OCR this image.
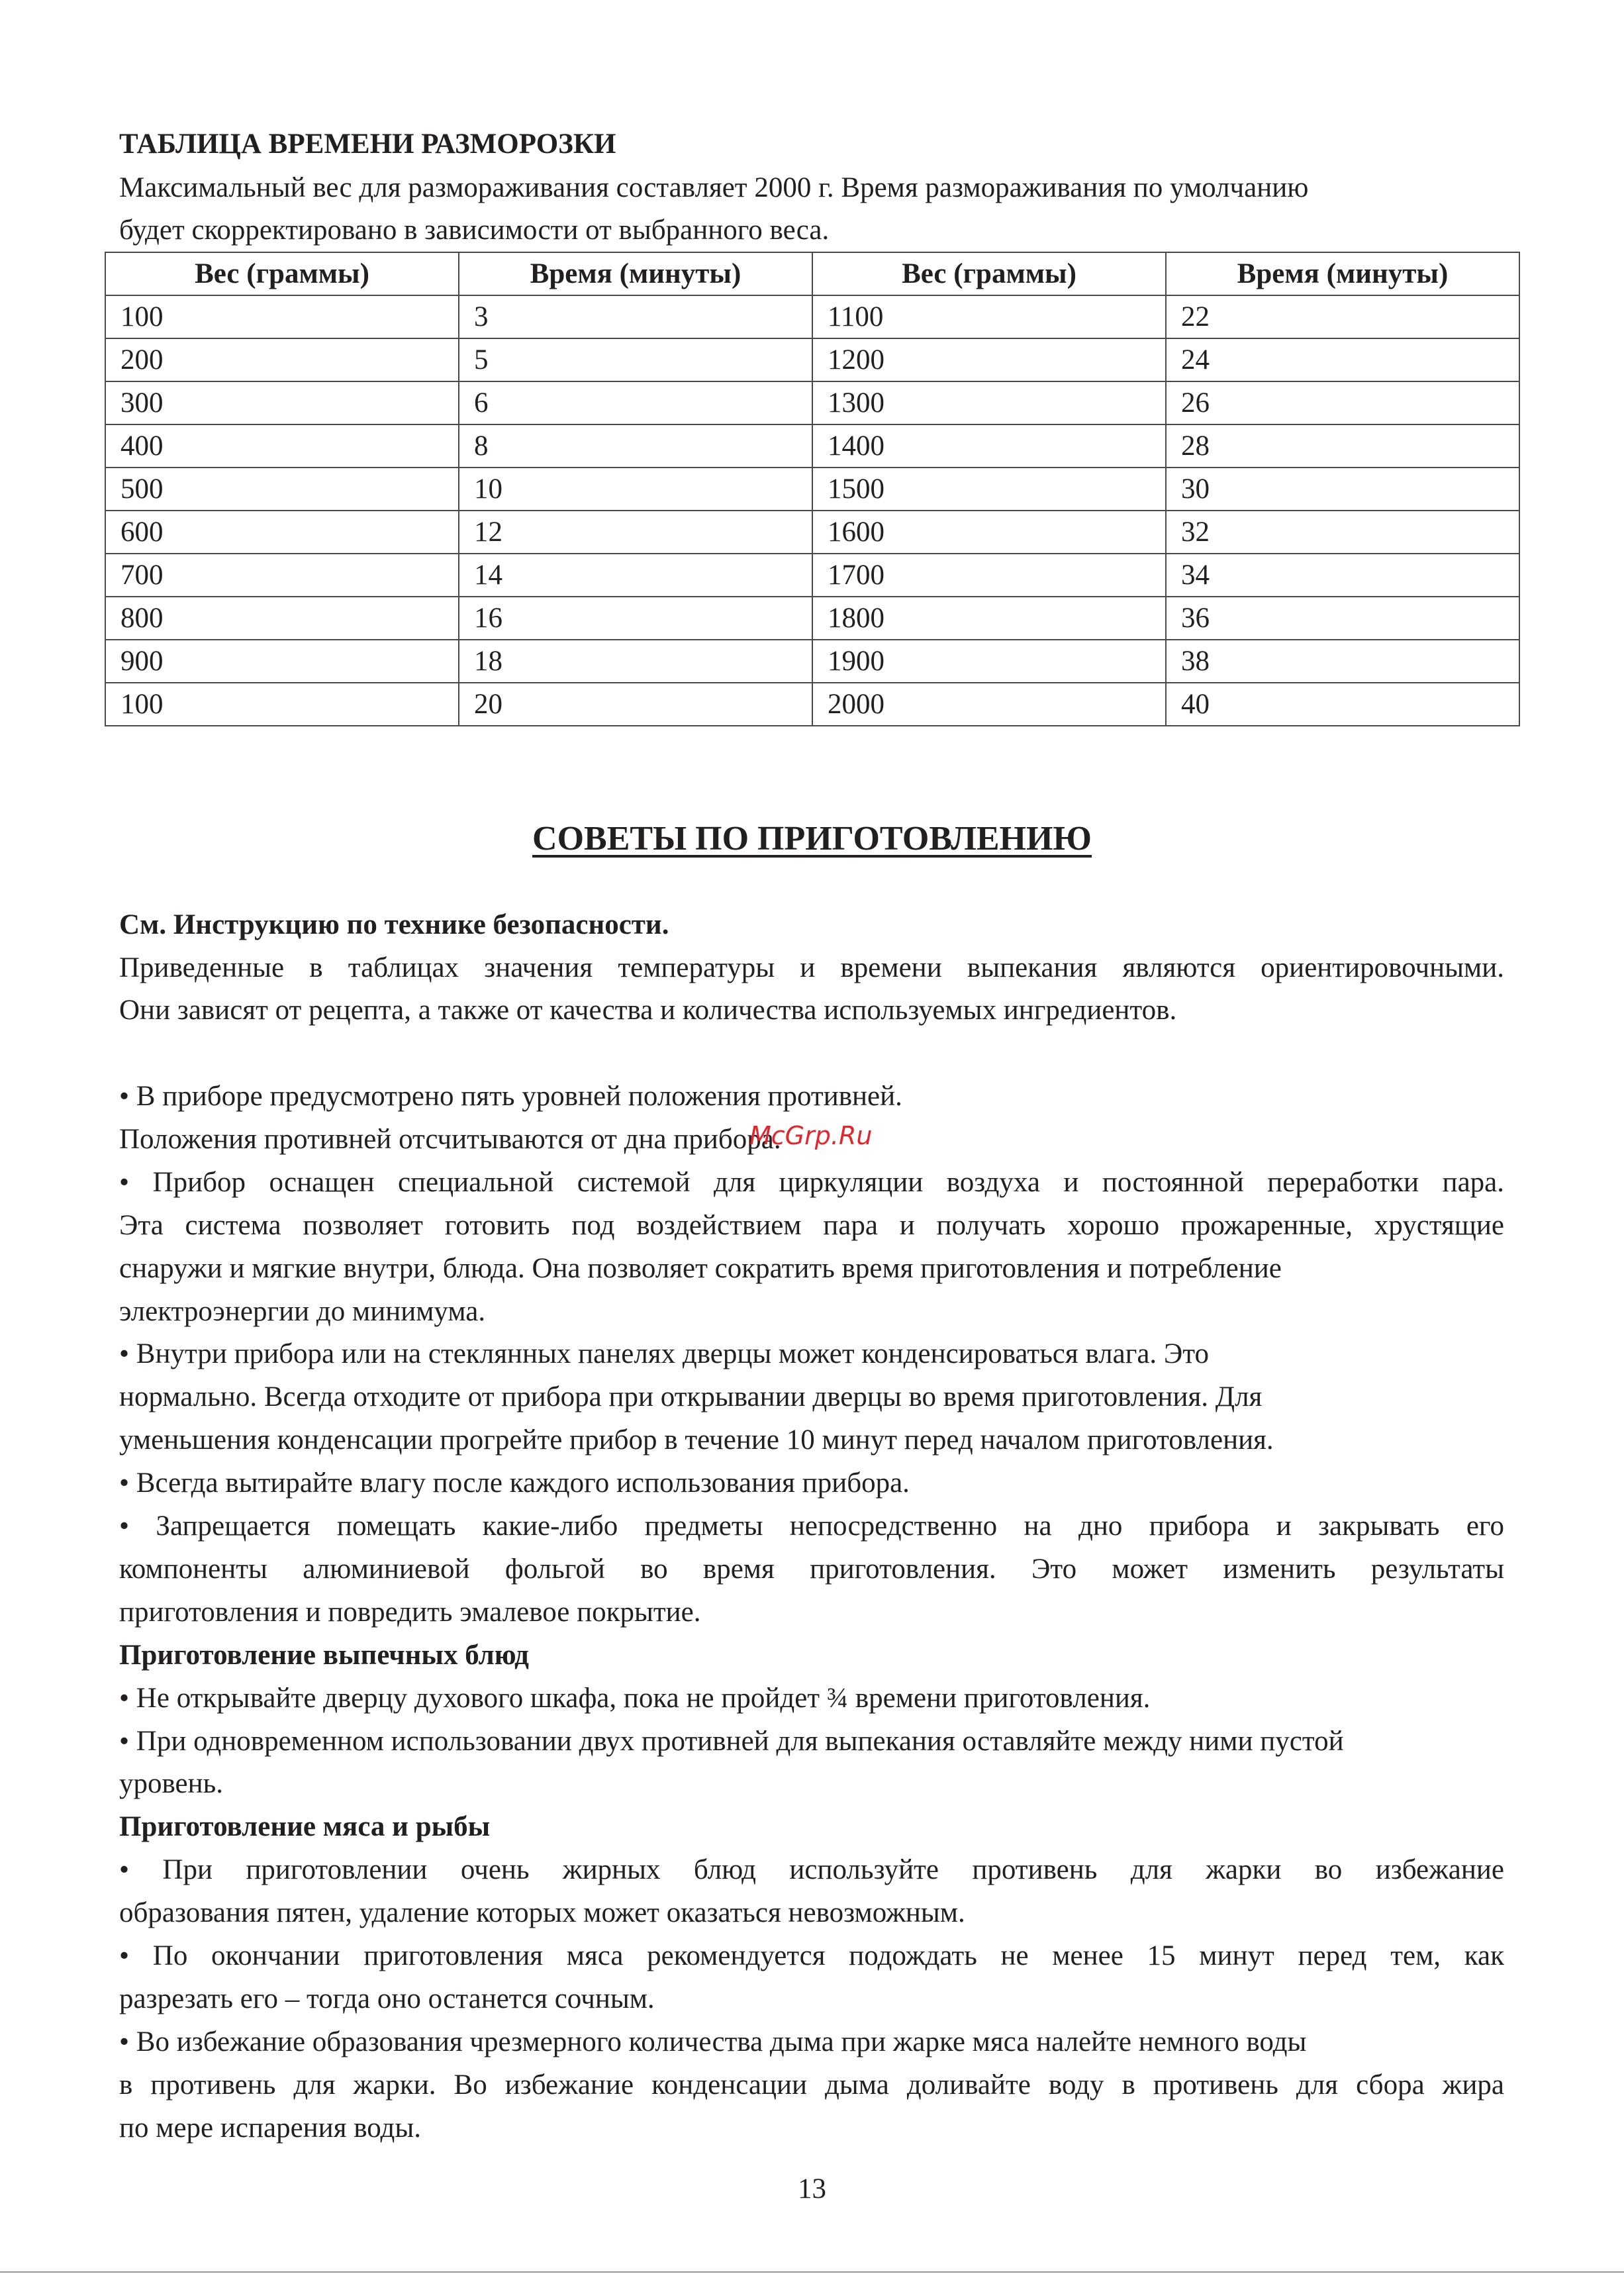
ТАБЛИЦА ВРЕМЕНИ РАЗМОРОЗКИ
Максимальный вес для размораживания составляет 2000 г. Время размораживания по умолчанию
будет скорректировано в зависимости от выбранного веса.
Вес (граммы)	Время (минуты)	Вес (граммы)	Время (минуты)
100	3	1100	22
200	5	1200	24
300	6	1300	26
400	8	1400	28
500	10	1500	30
600	12	1600	32
700	14	1700	34
800	16	1800	36
900	18	1900	38
100	20	2000	40
СОВЕТЫ ПО ПРИГОТОВЛЕНИЮ
См. Инструкцию по технике безопасности.
Приведенные в таблицах значения температуры и времени выпекания являются ориентировочными.
Они зависят от рецепта, а также от качества и количества используемых ингредиентов.
• В приборе предусмотрено пять уровней положения противней.
Положения противней отсчитываются от дна прибора.
• Прибор оснащен специальной системой для циркуляции воздуха и постоянной переработки пара.
Эта система позволяет готовить под воздействием пара и получать хорошо прожаренные, хрустящие
снаружи и мягкие внутри, блюда. Она позволяет сократить время приготовления и потребление
электроэнергии до минимума.
• Внутри прибора или на стеклянных панелях дверцы может конденсироваться влага. Это
нормально. Всегда отходите от прибора при открывании дверцы во время приготовления. Для
уменьшения конденсации прогрейте прибор в течение 10 минут перед началом приготовления.
• Всегда вытирайте влагу после каждого использования прибора.
• Запрещается помещать какие-либо предметы непосредственно на дно прибора и закрывать его
компоненты алюминиевой фольгой во время приготовления. Это может изменить результаты
приготовления и повредить эмалевое покрытие.
Приготовление выпечных блюд
• Не открывайте дверцу духового шкафа, пока не пройдет ¾ времени приготовления.
• При одновременном использовании двух противней для выпекания оставляйте между ними пустой
уровень.
Приготовление мяса и рыбы
• При приготовлении очень жирных блюд используйте противень для жарки во избежание
образования пятен, удаление которых может оказаться невозможным.
• По окончании приготовления мяса рекомендуется подождать не менее 15 минут перед тем, как
разрезать его – тогда оно останется сочным.
• Во избежание образования чрезмерного количества дыма при жарке мяса налейте немного воды
в противень для жарки. Во избежание конденсации дыма доливайте воду в противень для сбора жира
по мере испарения воды.
McGrp.Ru
13
